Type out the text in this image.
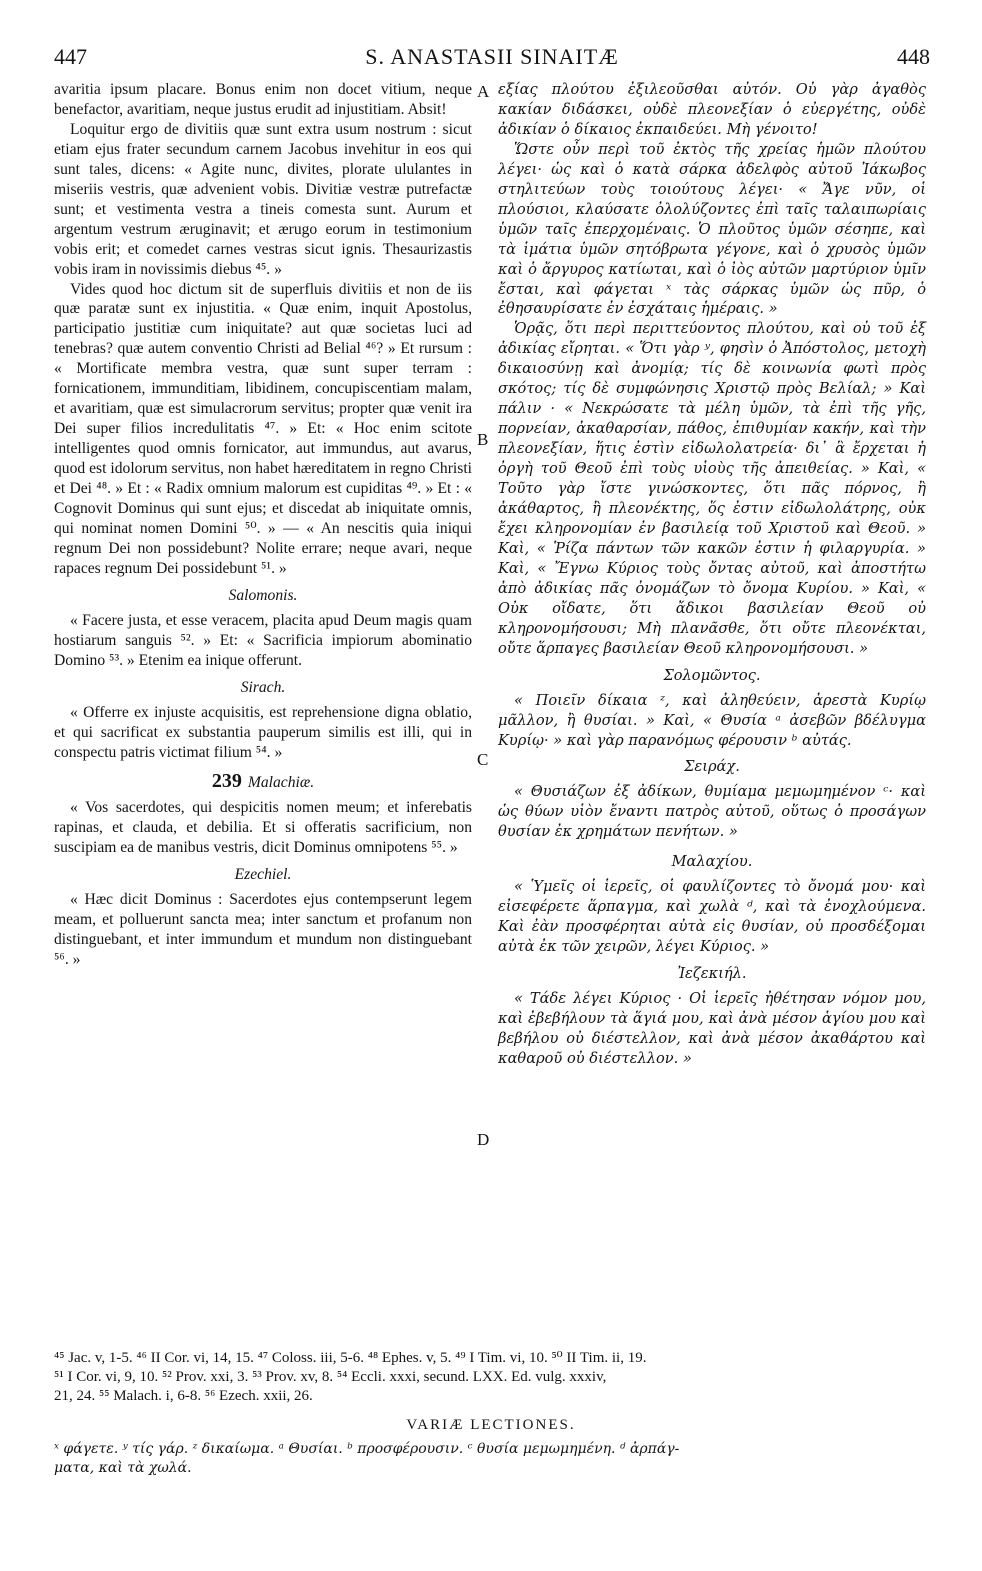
447	S. ANASTASII SINAITÆ	448

avaritia ipsum placare. Bonus enim non docet vitium, neque benefactor, avaritiam, neque justus erudit ad injustitiam. Absit!

Loquitur ergo de divitiis quæ sunt extra usum nostrum : sicut etiam ejus frater secundum carnem Jacobus invehitur in eos qui sunt tales, dicens: « Agite nunc, divites, plorate ululantes in miseriis vestris, quæ advenient vobis. Divitiæ vestræ putrefactæ sunt; et vestimenta vestra a tineis comesta sunt. Aurum et argentum vestrum æruginavit; et ærugo eorum in testimonium vobis erit; et comedet carnes vestras sicut ignis. Thesaurizastis vobis iram in novissimis diebus ⁴⁵. »

Vides quod hoc dictum sit de superfluis divitiis et non de iis quæ paratæ sunt ex injustitia. « Quæ enim, inquit Apostolus, participatio justitiæ cum iniquitate? aut quæ societas luci ad tenebras? quæ autem conventio Christi ad Belial ⁴⁶? » Et rursum : « Mortificate membra vestra, quæ sunt super terram : fornicationem, immunditiam, libidinem, concupiscentiam malam, et avaritiam, quæ est simulacrorum servitus; propter quæ venit ira Dei super filios incredulitatis ⁴⁷. » Et: « Hoc enim scitote intelligentes quod omnis fornicator, aut immundus, aut avarus, quod est idolorum servitus, non habet hæreditatem in regno Christi et Dei ⁴⁸. » Et : « Radix omnium malorum est cupiditas ⁴⁹. » Et : « Cognovit Dominus qui sunt ejus; et discedat ab iniquitate omnis, qui nominat nomen Domini ⁵⁰. » — « An nescitis quia iniqui regnum Dei non possidebunt? Nolite errare; neque avari, neque rapaces regnum Dei possidebunt ⁵¹. »

Salomonis.

« Facere justa, et esse veracem, placita apud Deum magis quam hostiarum sanguis ⁵². » Et: « Sacrificia impiorum abominatio Domino ⁵³. » Etenim ea inique offerunt.

Sirach.

« Offerre ex injuste acquisitis, est reprehensione digna oblatio, et qui sacrificat ex substantia pauperum similis est illi, qui in conspectu patris victimat filium ⁵⁴. »

239 Malachiæ.

« Vos sacerdotes, qui despicitis nomen meum; et inferebatis rapinas, et clauda, et debilia. Et si offeratis sacrificium, non suscipiam ea de manibus vestris, dicit Dominus omnipotens ⁵⁵. »

Ezechiel.

« Hæc dicit Dominus : Sacerdotes ejus contempserunt legem meam, et polluerunt sancta mea; inter sanctum et profanum non distinguebant, et inter immundum et mundum non distinguebant ⁵⁶. »

A
B
C
D

εξίας πλούτου ἐξιλεοῦσθαι αὐτόν. Οὐ γὰρ ἀγαθὸς κακίαν διδάσκει, οὐδὲ πλεονεξίαν ὁ εὐεργέτης, οὐδὲ ἀδικίαν ὁ δίκαιος ἐκπαιδεύει. Μὴ γένοιτο!

Ὥστε οὖν περὶ τοῦ ἐκτὸς τῆς χρείας ἡμῶν πλούτου λέγει· ὡς καὶ ὁ κατὰ σάρκα ἀδελφὸς αὐτοῦ Ἰάκωβος στηλιτεύων τοὺς τοιούτους λέγει· « Ἄγε νῦν, οἱ πλούσιοι, κλαύσατε ὀλολύζοντες ἐπὶ ταῖς ταλαιπωρίαις ὑμῶν ταῖς ἐπερχομέναις. Ὁ πλοῦτος ὑμῶν σέσηπε, καὶ τὰ ἱμάτια ὑμῶν σητόβρωτα γέγονε, καὶ ὁ χρυσὸς ὑμῶν καὶ ὁ ἄργυρος κατίωται, καὶ ὁ ἰὸς αὐτῶν μαρτύριον ὑμῖν ἔσται, καὶ φάγεται ˣ τὰς σάρκας ὑμῶν ὡς πῦρ, ὁ ἐθησαυρίσατε ἐν ἐσχάταις ἡμέραις. »

Ὁρᾷς, ὅτι περὶ περιττεύοντος πλούτου, καὶ οὐ τοῦ ἐξ ἀδικίας εἴρηται. « Ὅτι γὰρ ʸ, φησὶν ὁ Ἀπόστολος, μετοχὴ δικαιοσύνῃ καὶ ἀνομίᾳ; τίς δὲ κοινωνία φωτὶ πρὸς σκότος; τίς δὲ συμφώνησις Χριστῷ πρὸς Βελίαλ; » Καὶ πάλιν · « Νεκρώσατε τὰ μέλη ὑμῶν, τὰ ἐπὶ τῆς γῆς, πορνείαν, ἀκαθαρσίαν, πάθος, ἐπιθυμίαν κακήν, καὶ τὴν πλεονεξίαν, ἥτις ἐστὶν εἰδωλολατρεία· δι᾽ ἃ ἔρχεται ἡ ὀργὴ τοῦ Θεοῦ ἐπὶ τοὺς υἱοὺς τῆς ἀπειθείας. » Καὶ, « Τοῦτο γὰρ ἴστε γινώσκοντες, ὅτι πᾶς πόρνος, ἢ ἀκάθαρτος, ἢ πλεονέκτης, ὅς ἐστιν εἰδωλολάτρης, οὐκ ἔχει κληρονομίαν ἐν βασιλείᾳ τοῦ Χριστοῦ καὶ Θεοῦ. » Καὶ, « Ῥίζα πάντων τῶν κακῶν ἐστιν ἡ φιλαργυρία. » Καὶ, « Ἔγνω Κύριος τοὺς ὄντας αὐτοῦ, καὶ ἀποστήτω ἀπὸ ἀδικίας πᾶς ὀνομάζων τὸ ὄνομα Κυρίου. » Καὶ, « Οὐκ οἴδατε, ὅτι ἄδικοι βασιλείαν Θεοῦ οὐ κληρονομήσουσι; Μὴ πλανᾶσθε, ὅτι οὔτε πλεονέκται, οὔτε ἅρπαγες βασιλείαν Θεοῦ κληρονομήσουσι. »

Σολομῶντος.

« Ποιεῖν δίκαια ᶻ, καὶ ἀληθεύειν, ἀρεστὰ Κυρίῳ μᾶλλον, ἢ θυσίαι. » Καὶ, « Θυσία ᵃ ἀσεβῶν βδέλυγμα Κυρίῳ· » καὶ γὰρ παρανόμως φέρουσιν ᵇ αὐτάς.

Σειράχ.

« Θυσιάζων ἐξ ἀδίκων, θυμίαμα μεμωμημένον ᶜ· καὶ ὡς θύων υἱὸν ἔναντι πατρὸς αὐτοῦ, οὕτως ὁ προσάγων θυσίαν ἐκ χρημάτων πενήτων. »

Μαλαχίου.

« Ὑμεῖς οἱ ἱερεῖς, οἱ φαυλίζοντες τὸ ὄνομά μου· καὶ εἰσεφέρετε ἅρπαγμα, καὶ χωλὰ ᵈ, καὶ τὰ ἐνοχλούμενα. Καὶ ἐὰν προσφέρηται αὐτὰ εἰς θυσίαν, οὐ προσδέξομαι αὐτὰ ἐκ τῶν χειρῶν, λέγει Κύριος. »

Ἰεζεκιήλ.

« Τάδε λέγει Κύριος · Οἱ ἱερεῖς ἠθέτησαν νόμον μου, καὶ ἐβεβήλουν τὰ ἅγιά μου, καὶ ἀνὰ μέσον ἁγίου μου καὶ βεβήλου οὐ διέστελλον, καὶ ἀνὰ μέσον ἀκαθάρτου καὶ καθαροῦ οὐ διέστελλον. »

⁴⁵ Jac. v, 1-5. ⁴⁶ II Cor. vi, 14, 15. ⁴⁷ Coloss. iii, 5-6. ⁴⁸ Ephes. v, 5. ⁴⁹ I Tim. vi, 10. ⁵⁰ II Tim. ii, 19.

⁵¹ I Cor. vi, 9, 10. ⁵² Prov. xxi, 3. ⁵³ Prov. xv, 8. ⁵⁴ Eccli. xxxi, secund. LXX. Ed. vulg. xxxiv,

21, 24. ⁵⁵ Malach. i, 6-8. ⁵⁶ Ezech. xxii, 26.

VARIÆ LECTIONES.

ˣ φάγετε. ʸ τίς γάρ. ᶻ δικαίωμα. ᵃ Θυσίαι. ᵇ προσφέρουσιν. ᶜ θυσία μεμωμημένη. ᵈ ἁρπάγ-

ματα, καὶ τὰ χωλά.
